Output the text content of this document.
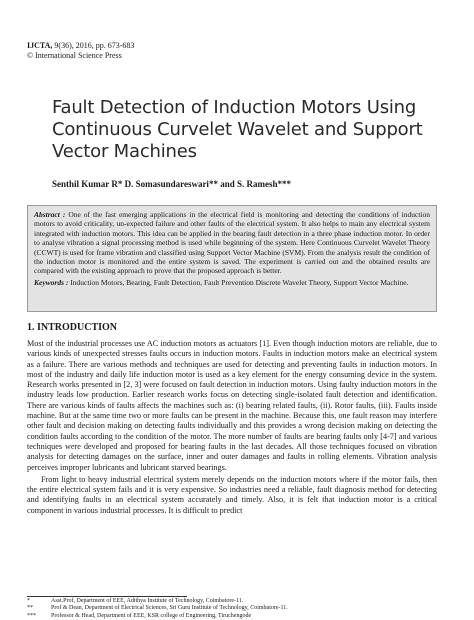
IJCTA, 9(36), 2016, pp. 673-683
© International Science Press
Fault Detection of Induction Motors Using Continuous Curvelet Wavelet and Support Vector Machines
Senthil Kumar R* D. Somasundareswari** and S. Ramesh***

Abstract : One of the fast emerging applications in the electrical field is monitoring and detecting the conditions of induction motors to avoid criticality, un-expected failure and other faults of the electrical system. It also helps to main any electrical system integrated with induction motors. This idea can be applied in the bearing fault detection in a three phase induction motor. In order to analyse vibration a signal processing method is used while beginning of the system. Here Continuous Curvelet Wavelet Theory (CCWT) is used for frame vibration and classified using Support Vector Machine (SVM). From the analysis result the condition of the induction motor is monitored and the entire system is saved. The experiment is carried out and the obtained results are compared with the existing approach to prove that the proposed approach is better.

Keywords : Induction Motors, Bearing, Fault Detection, Fault Prevention Discrete Wavelet Theory, Support Vector Machine.

1. INTRODUCTION

Most of the industrial processes use AC induction motors as actuators [1]. Even though induction motors are reliable, due to various kinds of unexpected stresses faults occurs in induction motors. Faults in induction motors make an electrical system as a failure. There are various methods and techniques are used for detecting and preventing faults in induction motors. In most of the industry and daily life induction motor is used as a key element for the energy consuming device in the system. Research works presented in [2, 3] were focused on fault detection in induction motors. Using faulty induction motors in the industry leads low production. Earlier research works focus on detecting single-isolated fault detection and identification. There are various kinds of faults affects the machines such as: (i) bearing related faults, (ii). Rotor faults, (iii). Faults inside machine. But at the same time two or more faults can be present in the machine. Because this, one fault reason may interfere other fault and decision making on detecting faults individually and this provides a wrong decision making on detecting the condition faults according to the condition of the motor. The more number of faults are bearing faults only [4-7] and various techniques were developed and proposed for bearing faults in the last decades. All those techniques focused on vibration analysis for detecting damages on the surface, inner and outer damages and faults in rolling elements. Vibration analysis perceives improper lubricants and lubricant starved bearings.

From light to heavy industrial electrical system merely depends on the induction motors where if the motor fails, then the entire electrical system fails and it is very expensive. So industries need a reliable, fault diagnosis method for detecting and identifying faults in an electrical system accurately and timely. Also, it is felt that induction motor is a critical component in various industrial processes. It is difficult to predict

*	Asst.Prof, Department of EEE, Adithya Institute of Technology, Coimbatore-11.
**	Prof & Dean, Department of Electrical Sciences, Sri Guru Institute of Technology, Coimbatore-11.
***	Professor & Head, Department of EEE, KSR college of Engineering, Tiruchengode
